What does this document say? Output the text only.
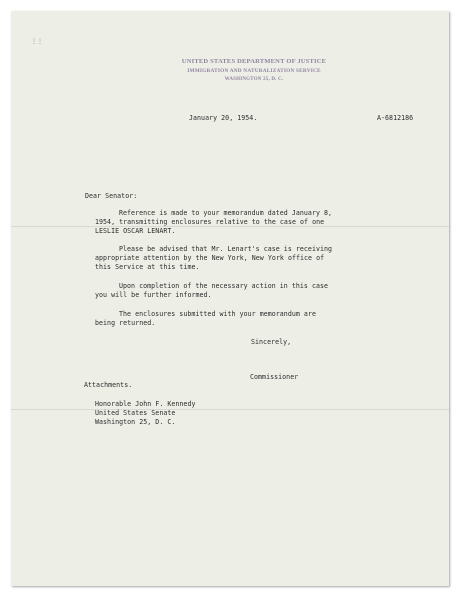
⋮⋮
UNITED STATES DEPARTMENT OF JUSTICE
IMMIGRATION AND NATURALIZATION SERVICE
WASHINGTON 25, D. C.
January 20, 1954.	A-6812186
Dear Senator:
Reference is made to your memorandum dated January 8,
1954, transmitting enclosures relative to the case of one
LESLIE OSCAR LENART.
Please be advised that Mr. Lenart's case is receiving
appropriate attention by the New York, New York office of
this Service at this time.
Upon completion of the necessary action in this case
you will be further informed.
The enclosures submitted with your memorandum are
being returned.
Sincerely,
Commissioner
Attachments.
Honorable John F. Kennedy
United States Senate
Washington 25, D. C.
